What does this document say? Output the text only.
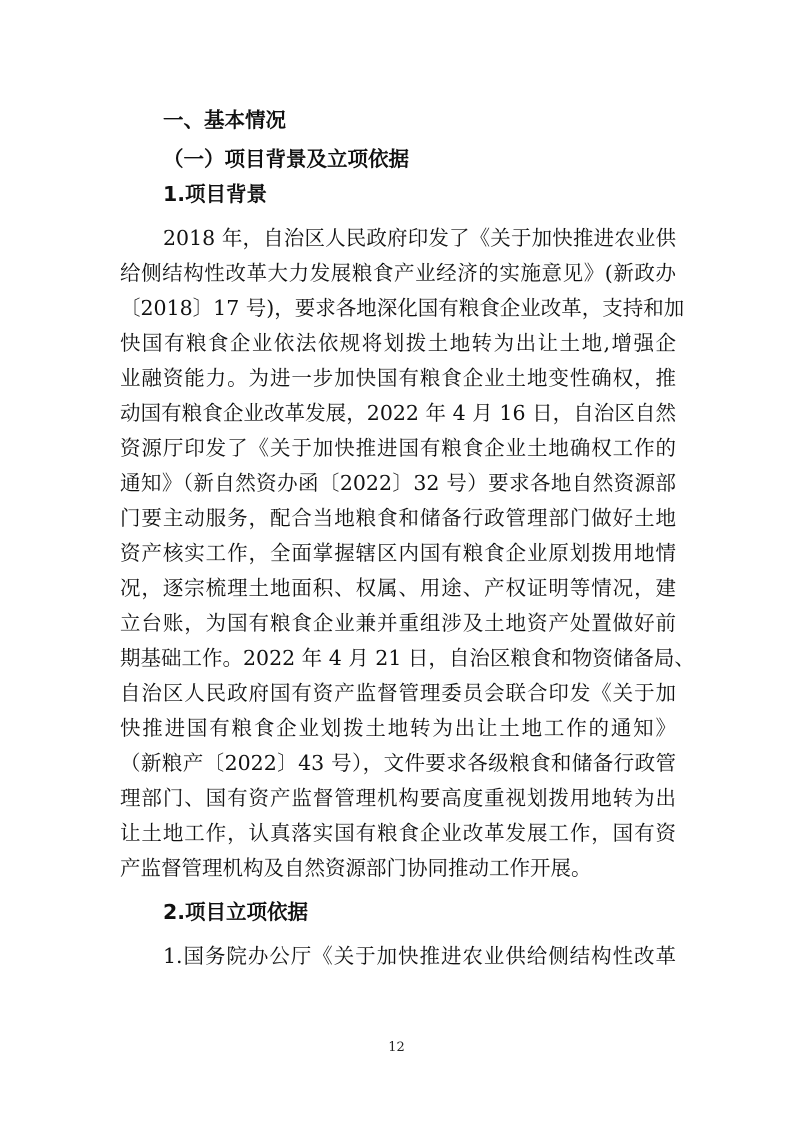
一、基本情况
（一）项目背景及立项依据
1.项目背景
2018 年，自治区人民政府印发了《关于加快推进农业供
给侧结构性改革大力发展粮食产业经济的实施意见》(新政办
〔2018〕17 号)，要求各地深化国有粮食企业改革，支持和加
快国有粮食企业依法依规将划拨土地转为出让土地,增强企
业融资能力。为进一步加快国有粮食企业土地变性确权，推
动国有粮食企业改革发展，2022 年 4 月 16 日，自治区自然
资源厅印发了《关于加快推进国有粮食企业土地确权工作的
通知》（新自然资办函〔2022〕32 号）要求各地自然资源部
门要主动服务，配合当地粮食和储备行政管理部门做好土地
资产核实工作，全面掌握辖区内国有粮食企业原划拨用地情
况，逐宗梳理土地面积、权属、用途、产权证明等情况，建
立台账，为国有粮食企业兼并重组涉及土地资产处置做好前
期基础工作。2022 年 4 月 21 日，自治区粮食和物资储备局、
自治区人民政府国有资产监督管理委员会联合印发《关于加
快推进国有粮食企业划拨土地转为出让土地工作的通知》
（新粮产〔2022〕43 号），文件要求各级粮食和储备行政管
理部门、国有资产监督管理机构要高度重视划拨用地转为出
让土地工作，认真落实国有粮食企业改革发展工作，国有资
产监督管理机构及自然资源部门协同推动工作开展。
2.项目立项依据
1.国务院办公厅《关于加快推进农业供给侧结构性改革
12
